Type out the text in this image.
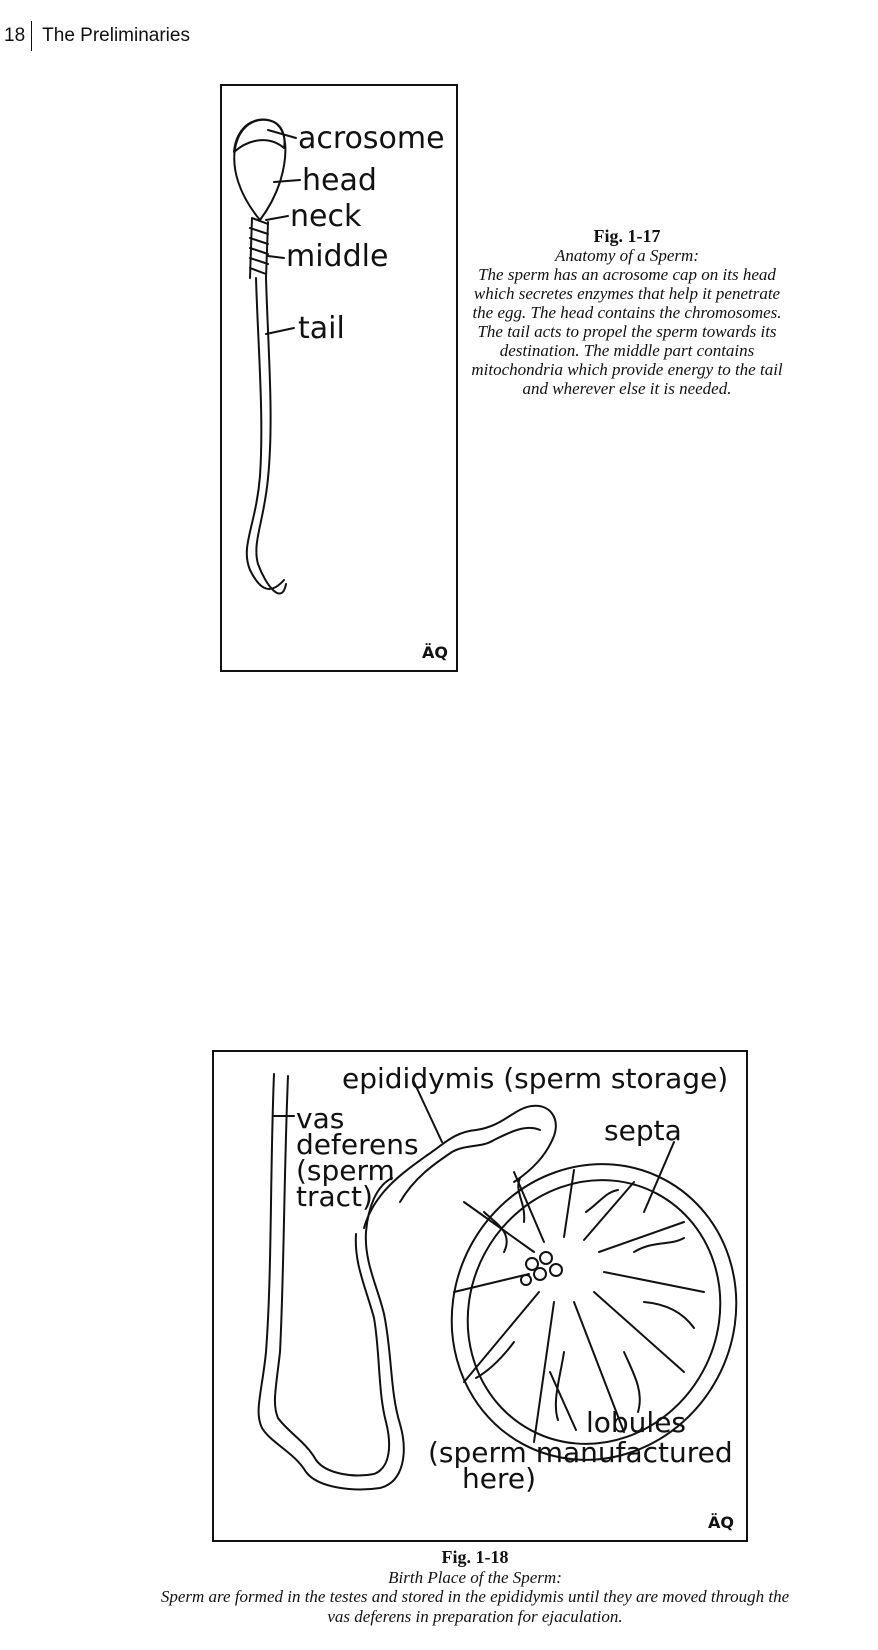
18 The Preliminaries
acrosome
head
neck
middle
tail
ÄQ
Fig. 1-17
Anatomy of a Sperm:
The sperm has an acrosome cap on its head which secretes enzymes that help it penetrate the egg. The head contains the chromosomes. The tail acts to propel the sperm towards its destination. The middle part contains mitochondria which provide energy to the tail and wherever else it is needed.
epididymis (sperm storage)
vas
deferens
(sperm
tract)
septa
lobules
(sperm manufactured
here)
ÄQ
Fig. 1-18
Birth Place of the Sperm:
Sperm are formed in the testes and stored in the epididymis until they are moved through the vas deferens in preparation for ejaculation.
